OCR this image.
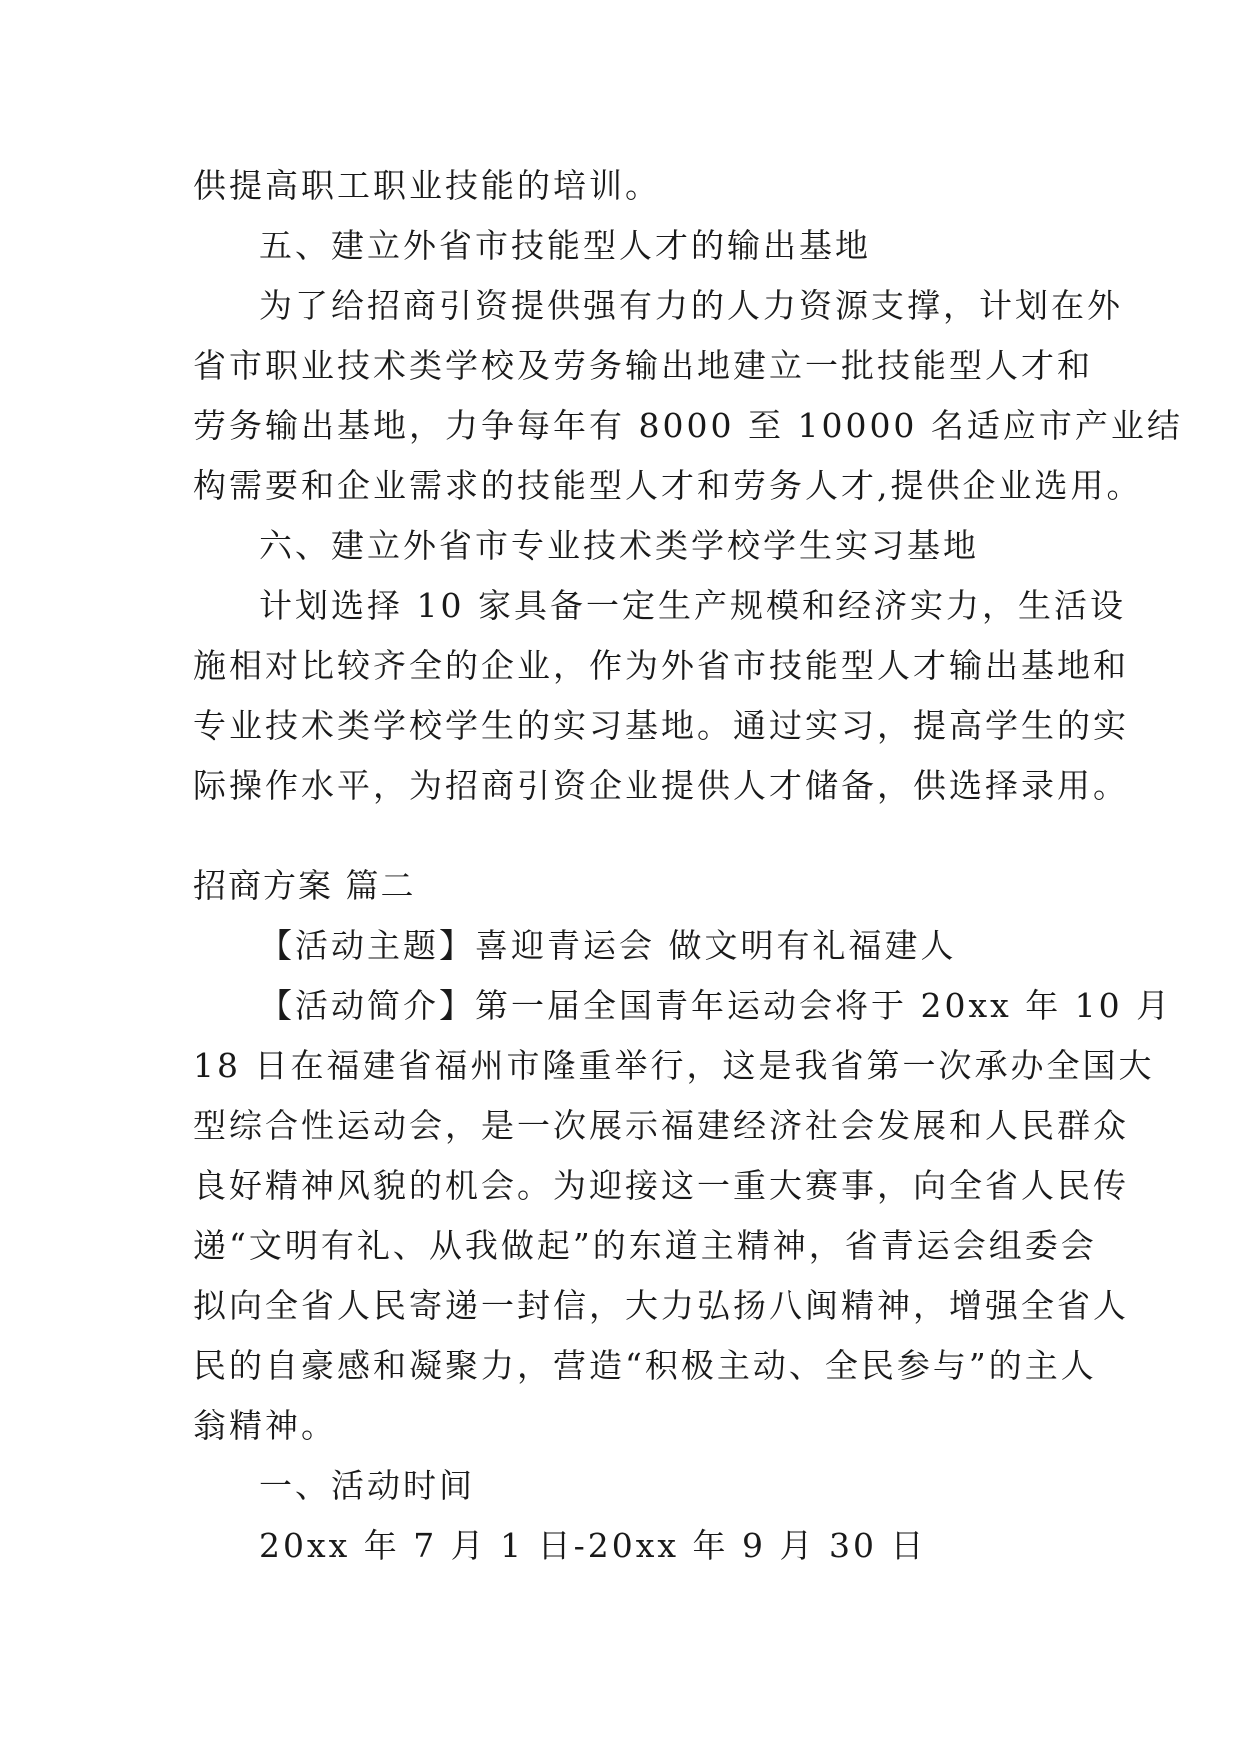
供提高职工职业技能的培训。
五、建立外省市技能型人才的输出基地
为了给招商引资提供强有力的人力资源支撑，计划在外
省市职业技术类学校及劳务输出地建立一批技能型人才和
劳务输出基地，力争每年有 8000 至 10000 名适应市产业结
构需要和企业需求的技能型人才和劳务人才,提供企业选用。
六、建立外省市专业技术类学校学生实习基地
计划选择 10 家具备一定生产规模和经济实力，生活设
施相对比较齐全的企业，作为外省市技能型人才输出基地和
专业技术类学校学生的实习基地。通过实习，提高学生的实
际操作水平，为招商引资企业提供人才储备，供选择录用。
招商方案 篇二
【活动主题】喜迎青运会 做文明有礼福建人
【活动简介】第一届全国青年运动会将于 20xx 年 10 月
18 日在福建省福州市隆重举行，这是我省第一次承办全国大
型综合性运动会，是一次展示福建经济社会发展和人民群众
良好精神风貌的机会。为迎接这一重大赛事，向全省人民传
递“文明有礼、从我做起”的东道主精神，省青运会组委会
拟向全省人民寄递一封信，大力弘扬八闽精神，增强全省人
民的自豪感和凝聚力，营造“积极主动、全民参与”的主人
翁精神。
一、活动时间
20xx 年 7 月 1 日-20xx 年 9 月 30 日
